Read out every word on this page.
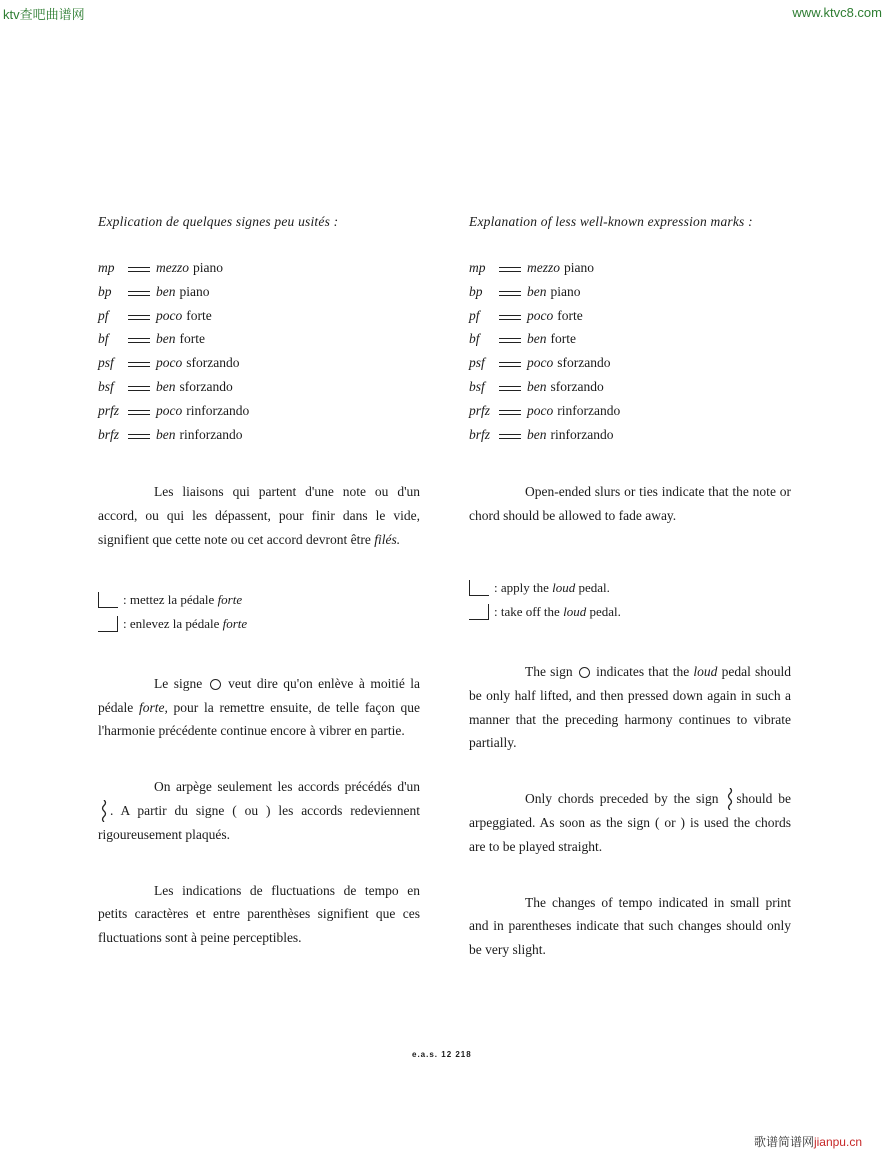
ktv查吧曲谱网	www.ktvc8.com
歌谱简谱网jianpu.cn

Explication de quelques signes peu usités :

mp	mezzo piano
bp	ben piano
pf	poco forte
bf	ben forte
psf	poco sforzando
bsf	ben sforzando
prfz	poco rinforzando
brfz	ben rinforzando

Les liaisons qui partent d'une note ou d'un accord, ou qui les dépassent, pour finir dans le vide, signifient que cette note ou cet accord devront être filés.

: mettez la pédale
forte
: enlevez la pédale
forte

Le signe veut dire qu'on enlève à moitié la pédale forte, pour la remettre ensuite, de telle façon que l'harmonie précédente continue encore à vibrer en partie.

On arpège seulement les accords précédés d'un
. A partir du signe ( ou ) les accords redeviennent rigoureusement plaqués.

Les indications de fluctuations de tempo en petits caractères et entre parenthèses signifient que ces fluctuations sont à peine perceptibles.

Explanation of less well-known expression marks :

mp	mezzo piano
bp	ben piano
pf	poco forte
bf	ben forte
psf	poco sforzando
bsf	ben sforzando
prfz	poco rinforzando
brfz	ben rinforzando

Open-ended slurs or ties indicate that the note or chord should be allowed to fade away.

: apply the
loud
pedal.
: take off the
loud
pedal.

The sign indicates that the loud pedal should be only half lifted, and then pressed down again in such a manner that the preceding harmony continues to vibrate partially.

Only chords preceded by the sign should be arpeggiated. As soon as the sign ( or ) is used the chords are to be played straight.

The changes of tempo indicated in small print and in parentheses indicate that such changes should only be very slight.

e.a.s. 12 218
